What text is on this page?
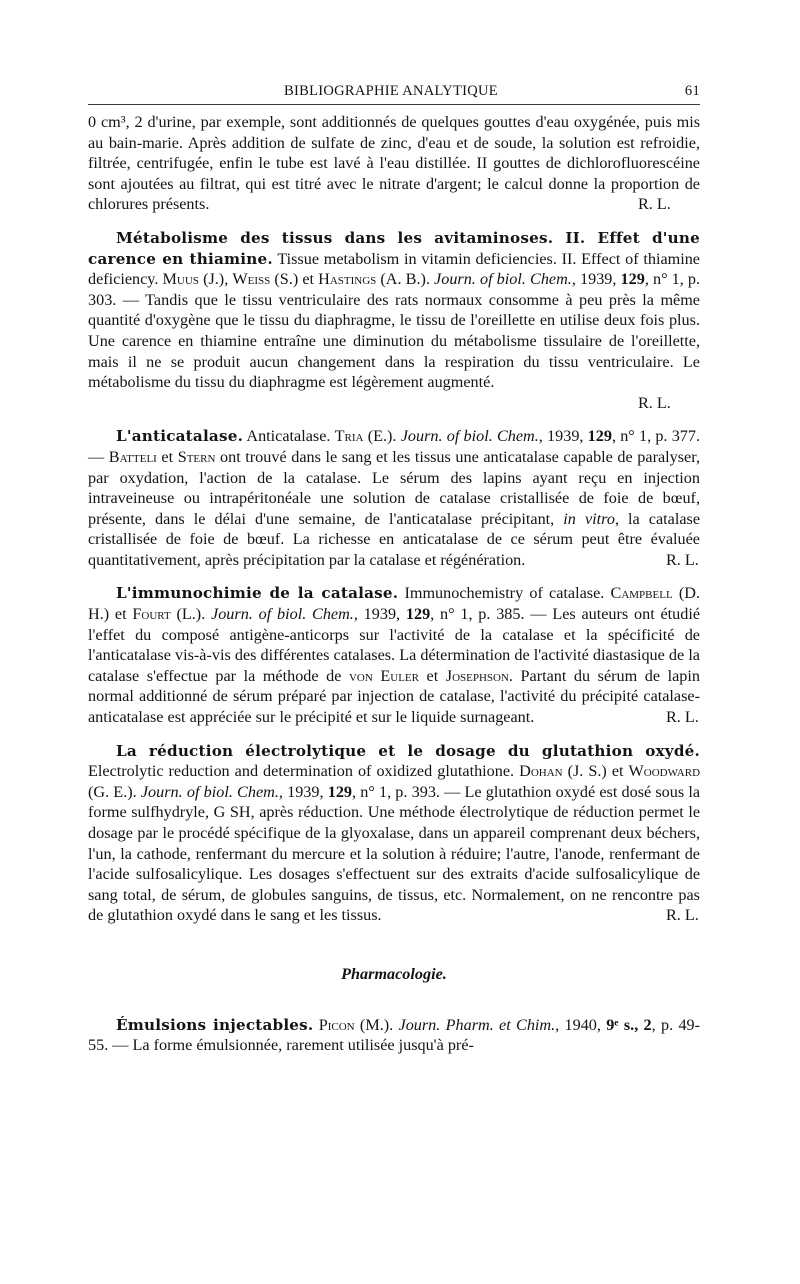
BIBLIOGRAPHIE ANALYTIQUE	61

0 cm³, 2 d'urine, par exemple, sont additionnés de quelques gouttes d'eau oxygénée, puis mis au bain-marie. Après addition de sulfate de zinc, d'eau et de soude, la solution est refroidie, filtrée, centrifugée, enfin le tube est lavé à l'eau distillée. II gouttes de dichlorofluorescéine sont ajoutées au filtrat, qui est titré avec le nitrate d'argent; le calcul donne la proportion de chlorures présents.	R. L.

Métabolisme des tissus dans les avitaminoses. II. Effet d'une carence en thiamine. Tissue metabolism in vitamin deficiencies. II. Effect of thiamine deficiency. Muus (J.), Weiss (S.) et Hastings (A. B.). Journ. of biol. Chem., 1939, 129, n° 1, p. 303. — Tandis que le tissu ventriculaire des rats normaux consomme à peu près la même quantité d'oxygène que le tissu du diaphragme, le tissu de l'oreillette en utilise deux fois plus. Une carence en thiamine entraîne une diminution du métabolisme tissulaire de l'oreillette, mais il ne se produit aucun changement dans la respiration du tissu ventriculaire. Le métabolisme du tissu du diaphragme est légèrement augmenté.

R. L.

L'anticatalase. Anticatalase. Tria (E.). Journ. of biol. Chem., 1939, 129, n° 1, p. 377. — Batteli et Stern ont trouvé dans le sang et les tissus une anticatalase capable de paralyser, par oxydation, l'action de la catalase. Le sérum des lapins ayant reçu en injection intraveineuse ou intrapéritonéale une solution de catalase cristallisée de foie de bœuf, présente, dans le délai d'une semaine, de l'anticatalase précipitant, in vitro, la catalase cristallisée de foie de bœuf. La richesse en anticatalase de ce sérum peut être évaluée quantitativement, après précipitation par la catalase et régénération.	R. L.

L'immunochimie de la catalase. Immunochemistry of catalase. Campbell (D. H.) et Fourt (L.). Journ. of biol. Chem., 1939, 129, n° 1, p. 385. — Les auteurs ont étudié l'effet du composé antigène-anticorps sur l'activité de la catalase et la spécificité de l'anticatalase vis-à-vis des différentes catalases. La détermination de l'activité diastasique de la catalase s'effectue par la méthode de von Euler et Josephson. Partant du sérum de lapin normal additionné de sérum préparé par injection de catalase, l'activité du précipité catalase-anticatalase est appréciée sur le précipité et sur le liquide surnageant.	R. L.

La réduction électrolytique et le dosage du glutathion oxydé. Electrolytic reduction and determination of oxidized glutathione. Dohan (J. S.) et Woodward (G. E.). Journ. of biol. Chem., 1939, 129, n° 1, p. 393. — Le glutathion oxydé est dosé sous la forme sulfhydryle, G SH, après réduction. Une méthode électrolytique de réduction permet le dosage par le procédé spécifique de la glyoxalase, dans un appareil comprenant deux béchers, l'un, la cathode, renfermant du mercure et la solution à réduire; l'autre, l'anode, renfermant de l'acide sulfosalicylique. Les dosages s'effectuent sur des extraits d'acide sulfosalicylique de sang total, de sérum, de globules sanguins, de tissus, etc. Normalement, on ne rencontre pas de glutathion oxydé dans le sang et les tissus.	R. L.

Pharmacologie.

Émulsions injectables. Picon (M.). Journ. Pharm. et Chim., 1940, 9ᵉ s., 2, p. 49-55. — La forme émulsionnée, rarement utilisée jusqu'à pré-
